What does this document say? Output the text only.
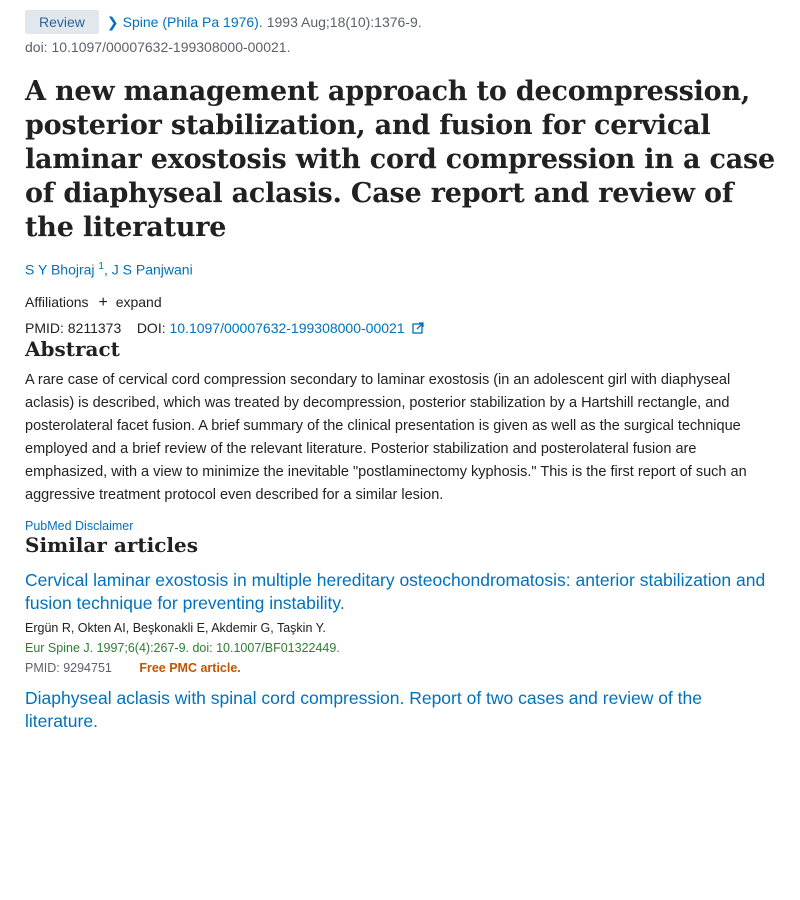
Review	❯ Spine (Phila Pa 1976). 1993 Aug;18(10):1376-9.
doi: 10.1097/00007632-199308000-00021.
A new management approach to decompression, posterior stabilization, and fusion for cervical laminar exostosis with cord compression in a case of diaphyseal aclasis. Case report and review of the literature
S Y Bhojraj $^1$, J S Panjwani
Affiliations + expand
PMID: 8211373 DOI: 10.1097/00007632-199308000-00021
Abstract
A rare case of cervical cord compression secondary to laminar exostosis (in an adolescent girl with diaphyseal aclasis) is described, which was treated by decompression, posterior stabilization by a Hartshill rectangle, and posterolateral facet fusion. A brief summary of the clinical presentation is given as well as the surgical technique employed and a brief review of the relevant literature. Posterior stabilization and posterolateral fusion are emphasized, with a view to minimize the inevitable "postlaminectomy kyphosis." This is the first report of such an aggressive treatment protocol even described for a similar lesion.
PubMed Disclaimer
Similar articles
Cervical laminar exostosis in multiple hereditary osteochondromatosis: anterior stabilization and fusion technique for preventing instability.
Ergün R, Okten AI, Beşkonakli E, Akdemir G, Taşkin Y.
Eur Spine J. 1997;6(4):267-9. doi: 10.1007/BF01322449.
PMID: 9294751 Free PMC article.
Diaphyseal aclasis with spinal cord compression. Report of two cases and review of the literature.
